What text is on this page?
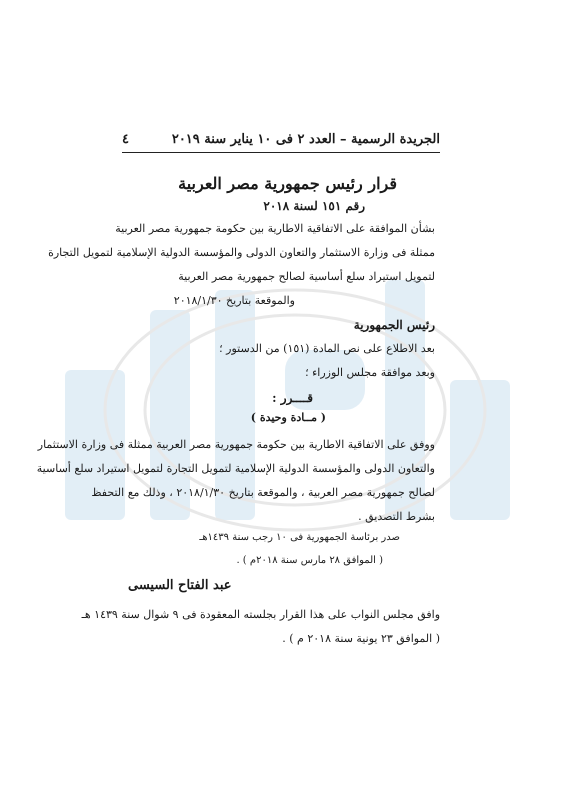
٤	الجريدة الرسمية – العدد ٢ فى ١٠ يناير سنة ٢٠١٩
قرار رئيس جمهورية مصر العربية
رقم ١٥١ لسنة ٢٠١٨
بشأن الموافقة على الاتفاقية الاطارية بين حكومة جمهورية مصر العربية
ممثلة فى وزارة الاستثمار والتعاون الدولى والمؤسسة الدولية الإسلامية لتمويل التجارة
لتمويل استيراد سلع أساسية لصالح جمهورية مصر العربية
والموقعة بتاريخ ٢٠١٨/١/٣٠
رئيس الجمهورية
بعد الاطلاع على نص المادة (١٥١) من الدستور ؛
وبعد موافقة مجلس الوزراء ؛
قــــرر :
( مــادة وحيدة )
ووفق على الاتفاقية الاطارية بين حكومة جمهورية مصر العربية ممثلة فى وزارة الاستثمار
والتعاون الدولى والمؤسسة الدولية الإسلامية لتمويل التجارة لتمويل استيراد سلع أساسية
لصالح جمهورية مصر العربية ، والموقعة بتاريخ ٢٠١٨/١/٣٠ ، وذلك مع التحفظ
بشرط التصديق .
صدر برئاسة الجمهورية فى ١٠ رجب سنة ١٤٣٩هـ
( الموافق ٢٨ مارس سنة ٢٠١٨م ) .
عبد الفتاح السيسى
وافق مجلس النواب على هذا القرار بجلسته المعقودة فى ٩ شوال سنة ١٤٣٩ هـ
( الموافق ٢٣ يونية سنة ٢٠١٨ م ) .
